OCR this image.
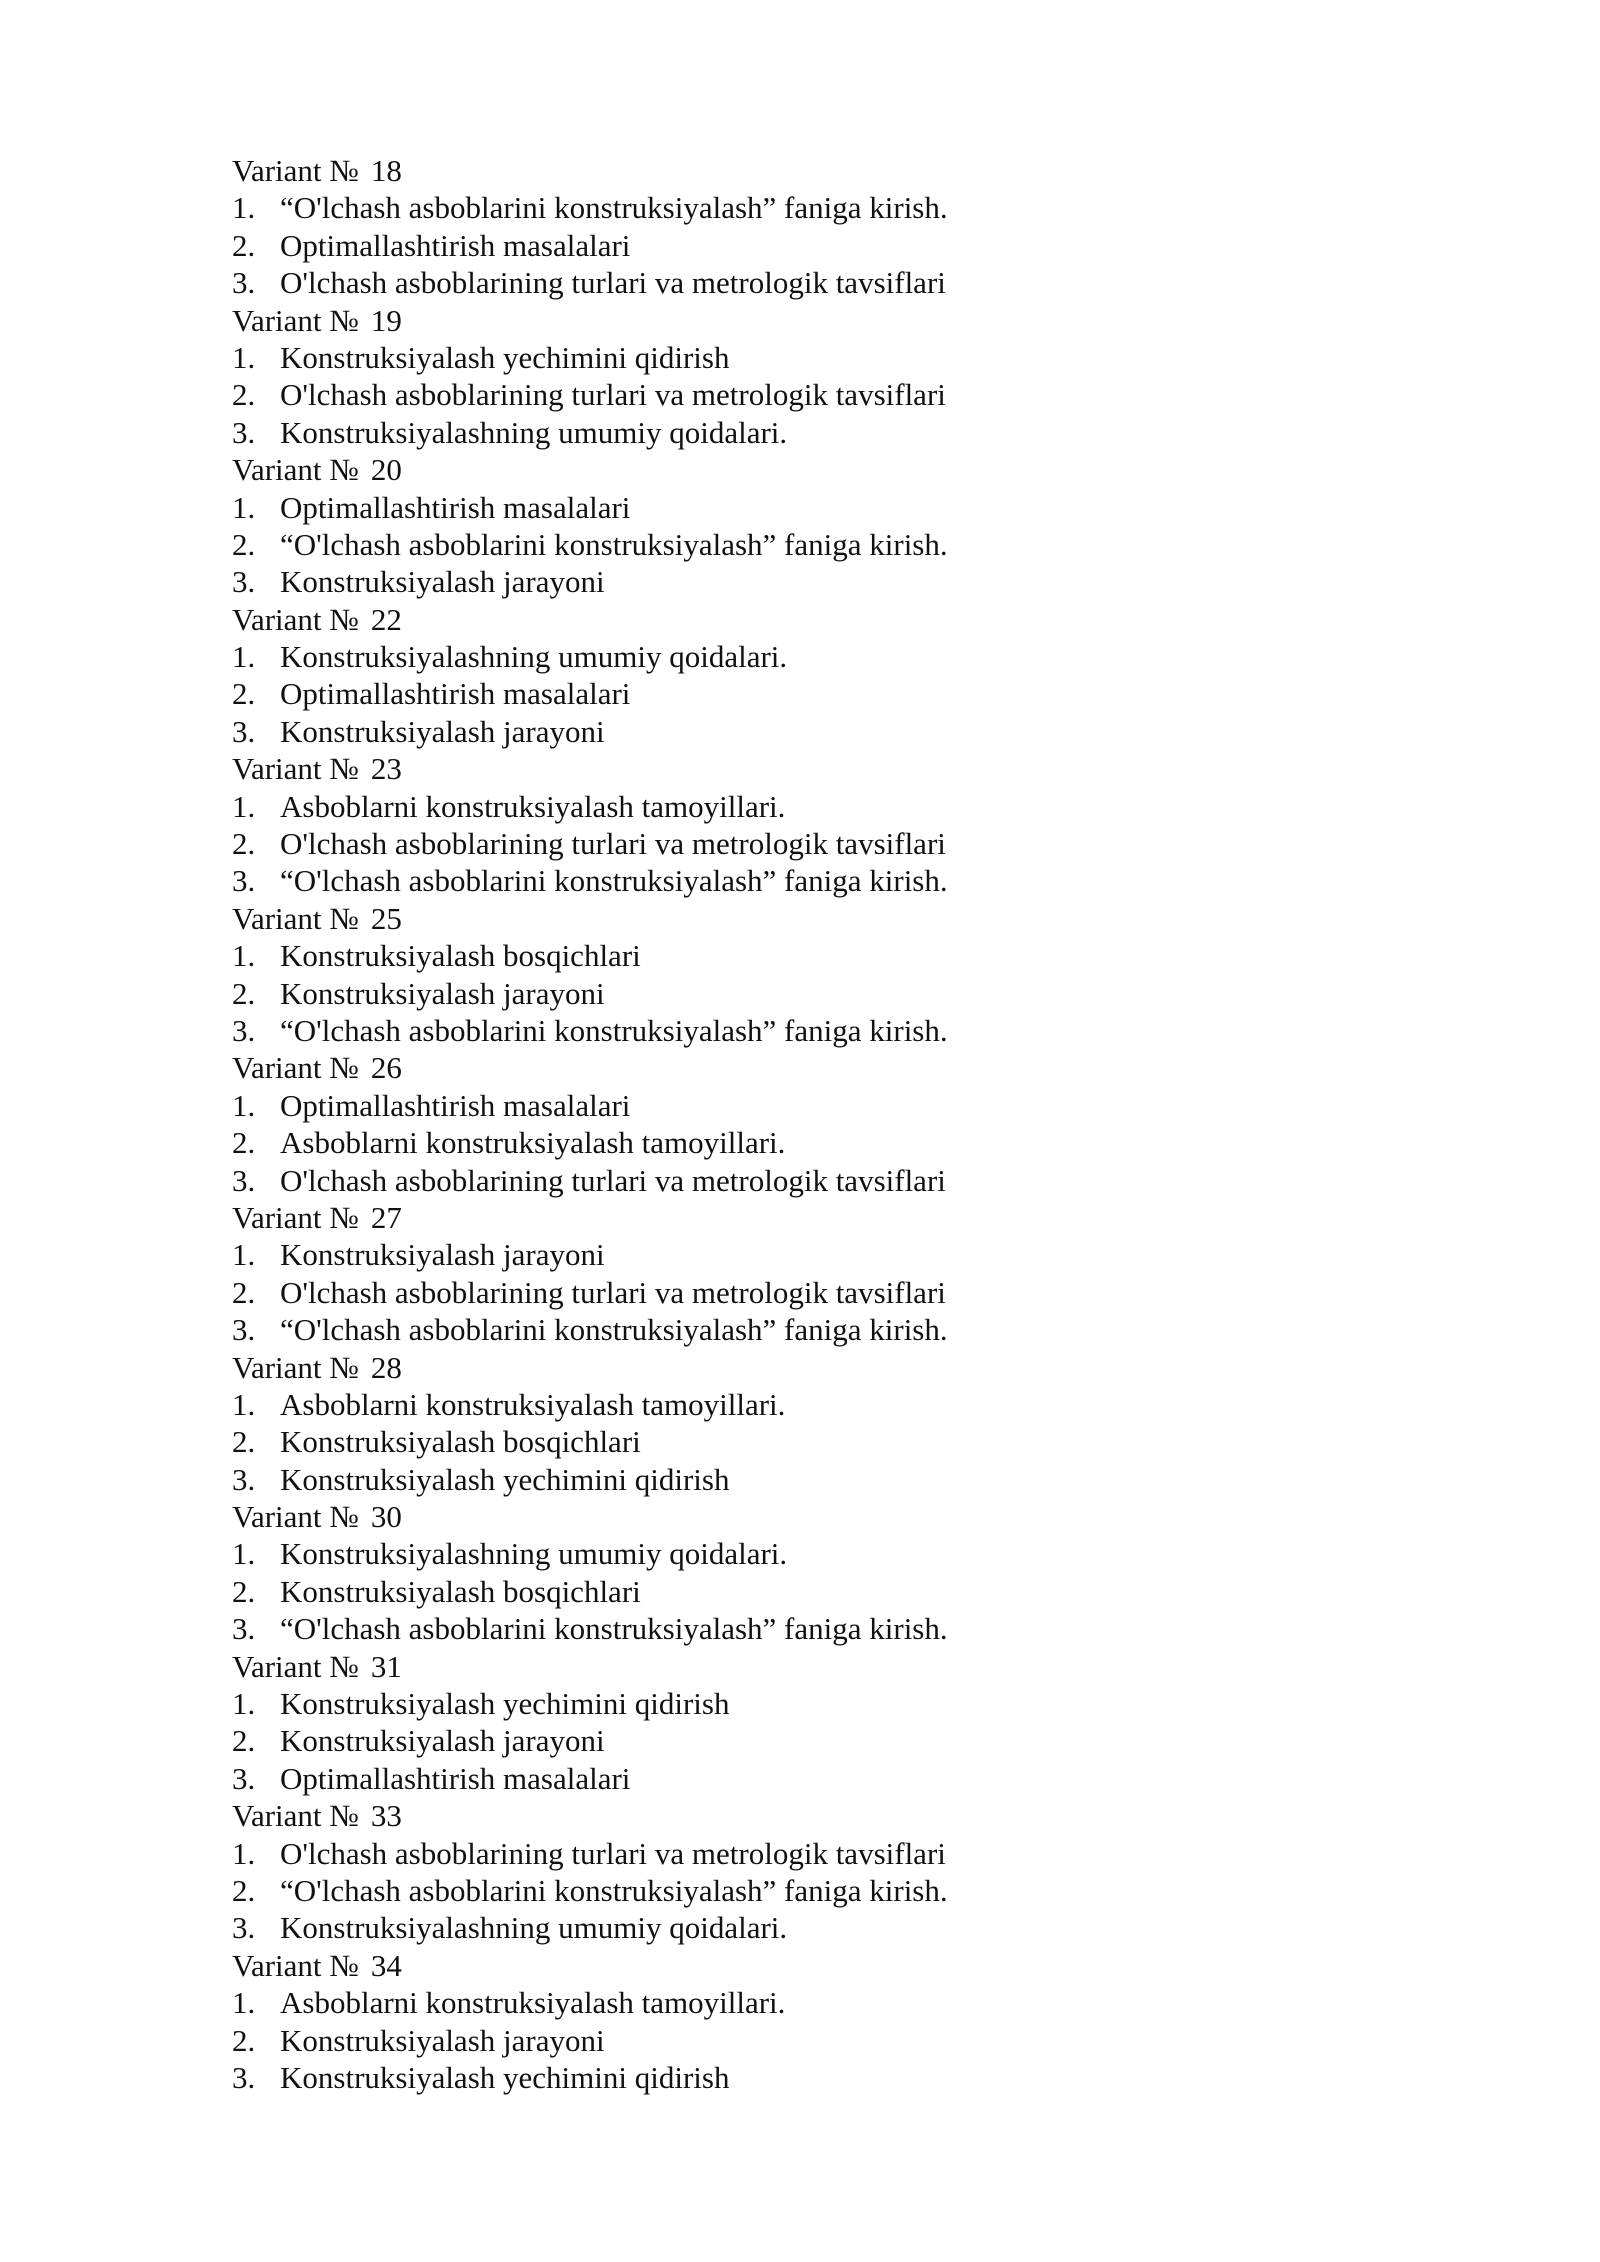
Variant № 18
1. “O'lchash asboblarini konstruksiyalash” faniga kirish.
2. Optimallashtirish masalalari
3. O'lchash asboblarining turlari va metrologik tavsiflari
Variant № 19
1. Konstruksiyalash yechimini qidirish
2. O'lchash asboblarining turlari va metrologik tavsiflari
3. Konstruksiyalashning umumiy qoidalari.
Variant № 20
1. Optimallashtirish masalalari
2. “O'lchash asboblarini konstruksiyalash” faniga kirish.
3. Konstruksiyalash jarayoni
Variant № 22
1. Konstruksiyalashning umumiy qoidalari.
2. Optimallashtirish masalalari
3. Konstruksiyalash jarayoni
Variant № 23
1. Asboblarni konstruksiyalash tamoyillari.
2. O'lchash asboblarining turlari va metrologik tavsiflari
3. “O'lchash asboblarini konstruksiyalash” faniga kirish.
Variant № 25
1. Konstruksiyalash bosqichlari
2. Konstruksiyalash jarayoni
3. “O'lchash asboblarini konstruksiyalash” faniga kirish.
Variant № 26
1. Optimallashtirish masalalari
2. Asboblarni konstruksiyalash tamoyillari.
3. O'lchash asboblarining turlari va metrologik tavsiflari
Variant № 27
1. Konstruksiyalash jarayoni
2. O'lchash asboblarining turlari va metrologik tavsiflari
3. “O'lchash asboblarini konstruksiyalash” faniga kirish.
Variant № 28
1. Asboblarni konstruksiyalash tamoyillari.
2. Konstruksiyalash bosqichlari
3. Konstruksiyalash yechimini qidirish
Variant № 30
1. Konstruksiyalashning umumiy qoidalari.
2. Konstruksiyalash bosqichlari
3. “O'lchash asboblarini konstruksiyalash” faniga kirish.
Variant № 31
1. Konstruksiyalash yechimini qidirish
2. Konstruksiyalash jarayoni
3. Optimallashtirish masalalari
Variant № 33
1. O'lchash asboblarining turlari va metrologik tavsiflari
2. “O'lchash asboblarini konstruksiyalash” faniga kirish.
3. Konstruksiyalashning umumiy qoidalari.
Variant № 34
1. Asboblarni konstruksiyalash tamoyillari.
2. Konstruksiyalash jarayoni
3. Konstruksiyalash yechimini qidirish
